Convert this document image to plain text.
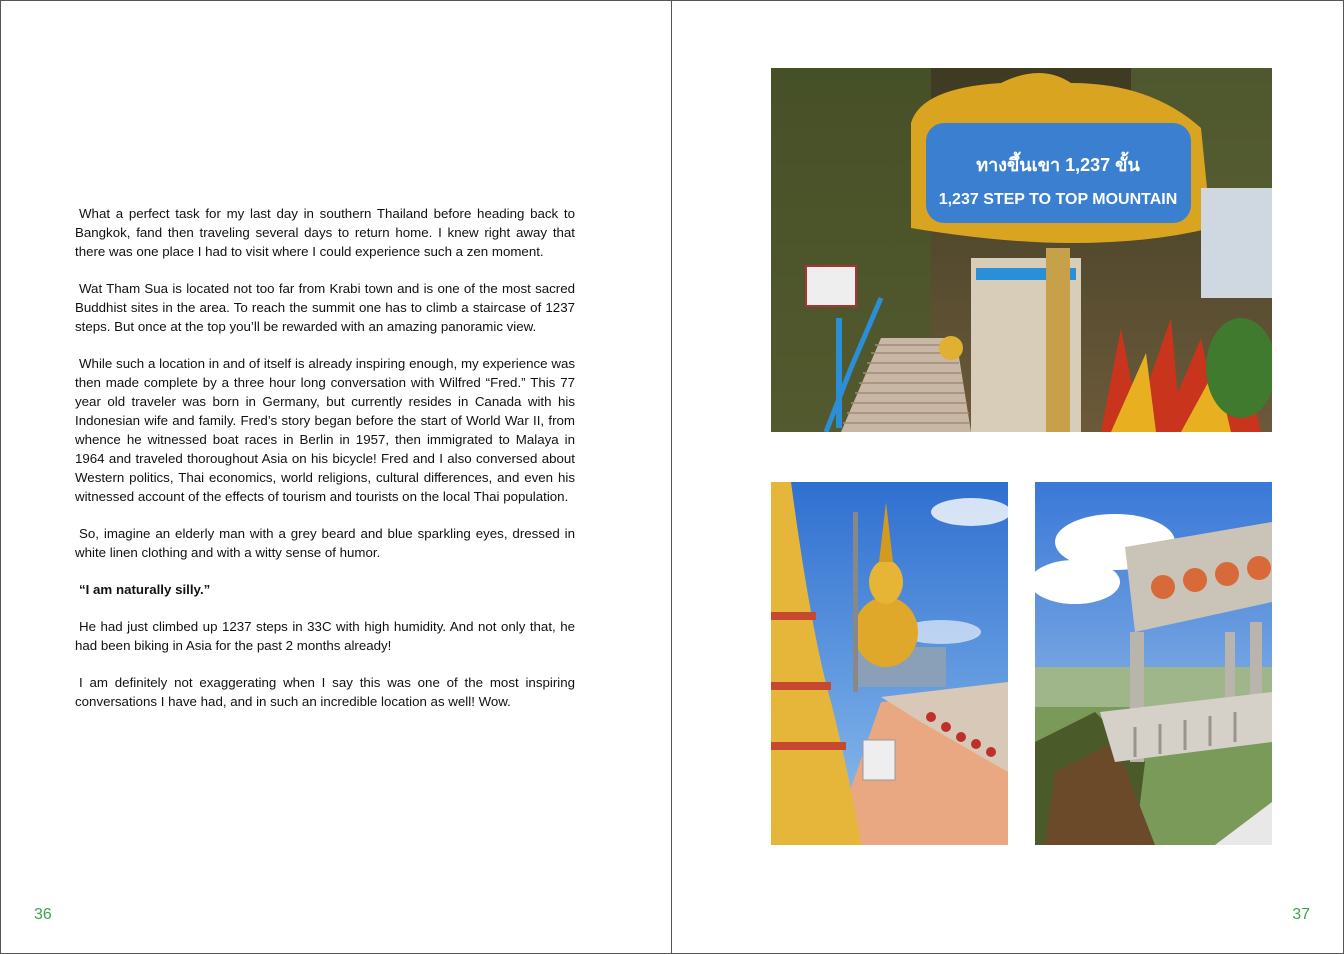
What a perfect task for my last day in southern Thailand before heading back to Bangkok, fand then traveling several days to return home. I knew right away that there was one place I had to visit where I could experience such a zen moment.

Wat Tham Sua is located not too far from Krabi town and is one of the most sacred Buddhist sites in the area. To reach the summit one has to climb a staircase of 1237 steps. But once at the top you’ll be rewarded with an amazing panoramic view.

While such a location in and of itself is already inspiring enough, my experience was then made complete by a three hour long conversation with Wilfred “Fred.” This 77 year old traveler was born in Germany, but currently resides in Canada with his Indonesian wife and family. Fred’s story began before the start of World War II, from whence he witnessed boat races in Berlin in 1957, then immigrated to Malaya in 1964 and traveled thoroughout Asia on his bicycle! Fred and I also conversed about Western politics, Thai economics, world religions, cultural differences, and even his witnessed account of the effects of tourism and tourists on the local Thai population.

So, imagine an elderly man with a grey beard and blue sparkling eyes, dressed in white linen clothing and with a witty sense of humor.

“I am naturally silly.”

He had just climbed up 1237 steps in 33C with high humidity. And not only that, he had been biking in Asia for the past 2 months already!

I am definitely not exaggerating when I say this was one of the most inspiring conversations I have had, and in such an incredible location as well! Wow.

36
ทางขึ้นเขา 1,237 ขั้น
1,237 STEP TO TOP MOUNTAIN
37
